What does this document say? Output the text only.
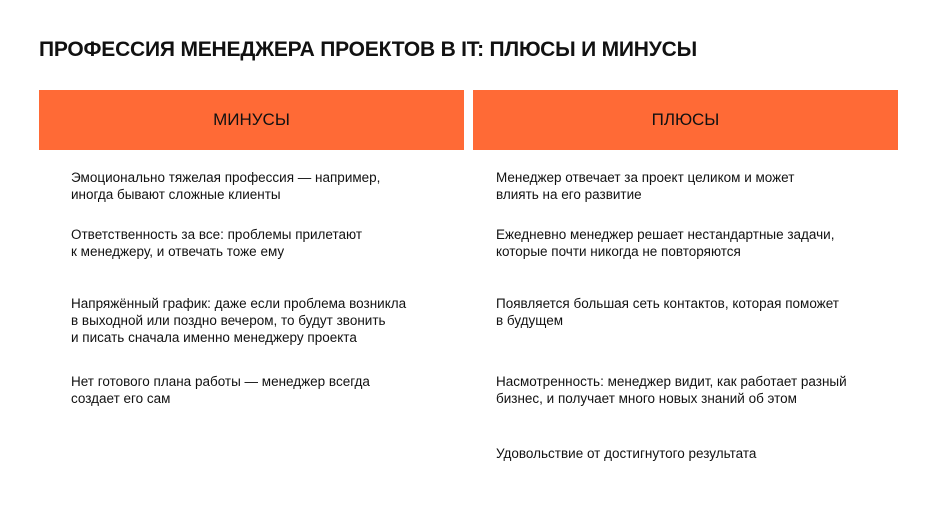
ПРОФЕССИЯ МЕНЕДЖЕРА ПРОЕКТОВ В IT: ПЛЮСЫ И МИНУСЫ
МИНУСЫ	ПЛЮСЫ
Эмоционально тяжелая профессия — например,
иногда бывают сложные клиенты
Ответственность за все: проблемы прилетают
к менеджеру, и отвечать тоже ему
Напряжённый график: даже если проблема возникла
в выходной или поздно вечером, то будут звонить
и писать сначала именно менеджеру проекта
Нет готового плана работы — менеджер всегда
создает его сам
Менеджер отвечает за проект целиком и может
влиять на его развитие
Ежедневно менеджер решает нестандартные задачи,
которые почти никогда не повторяются
Появляется большая сеть контактов, которая поможет
в будущем
Насмотренность: менеджер видит, как работает разный
бизнес, и получает много новых знаний об этом
Удовольствие от достигнутого результата
